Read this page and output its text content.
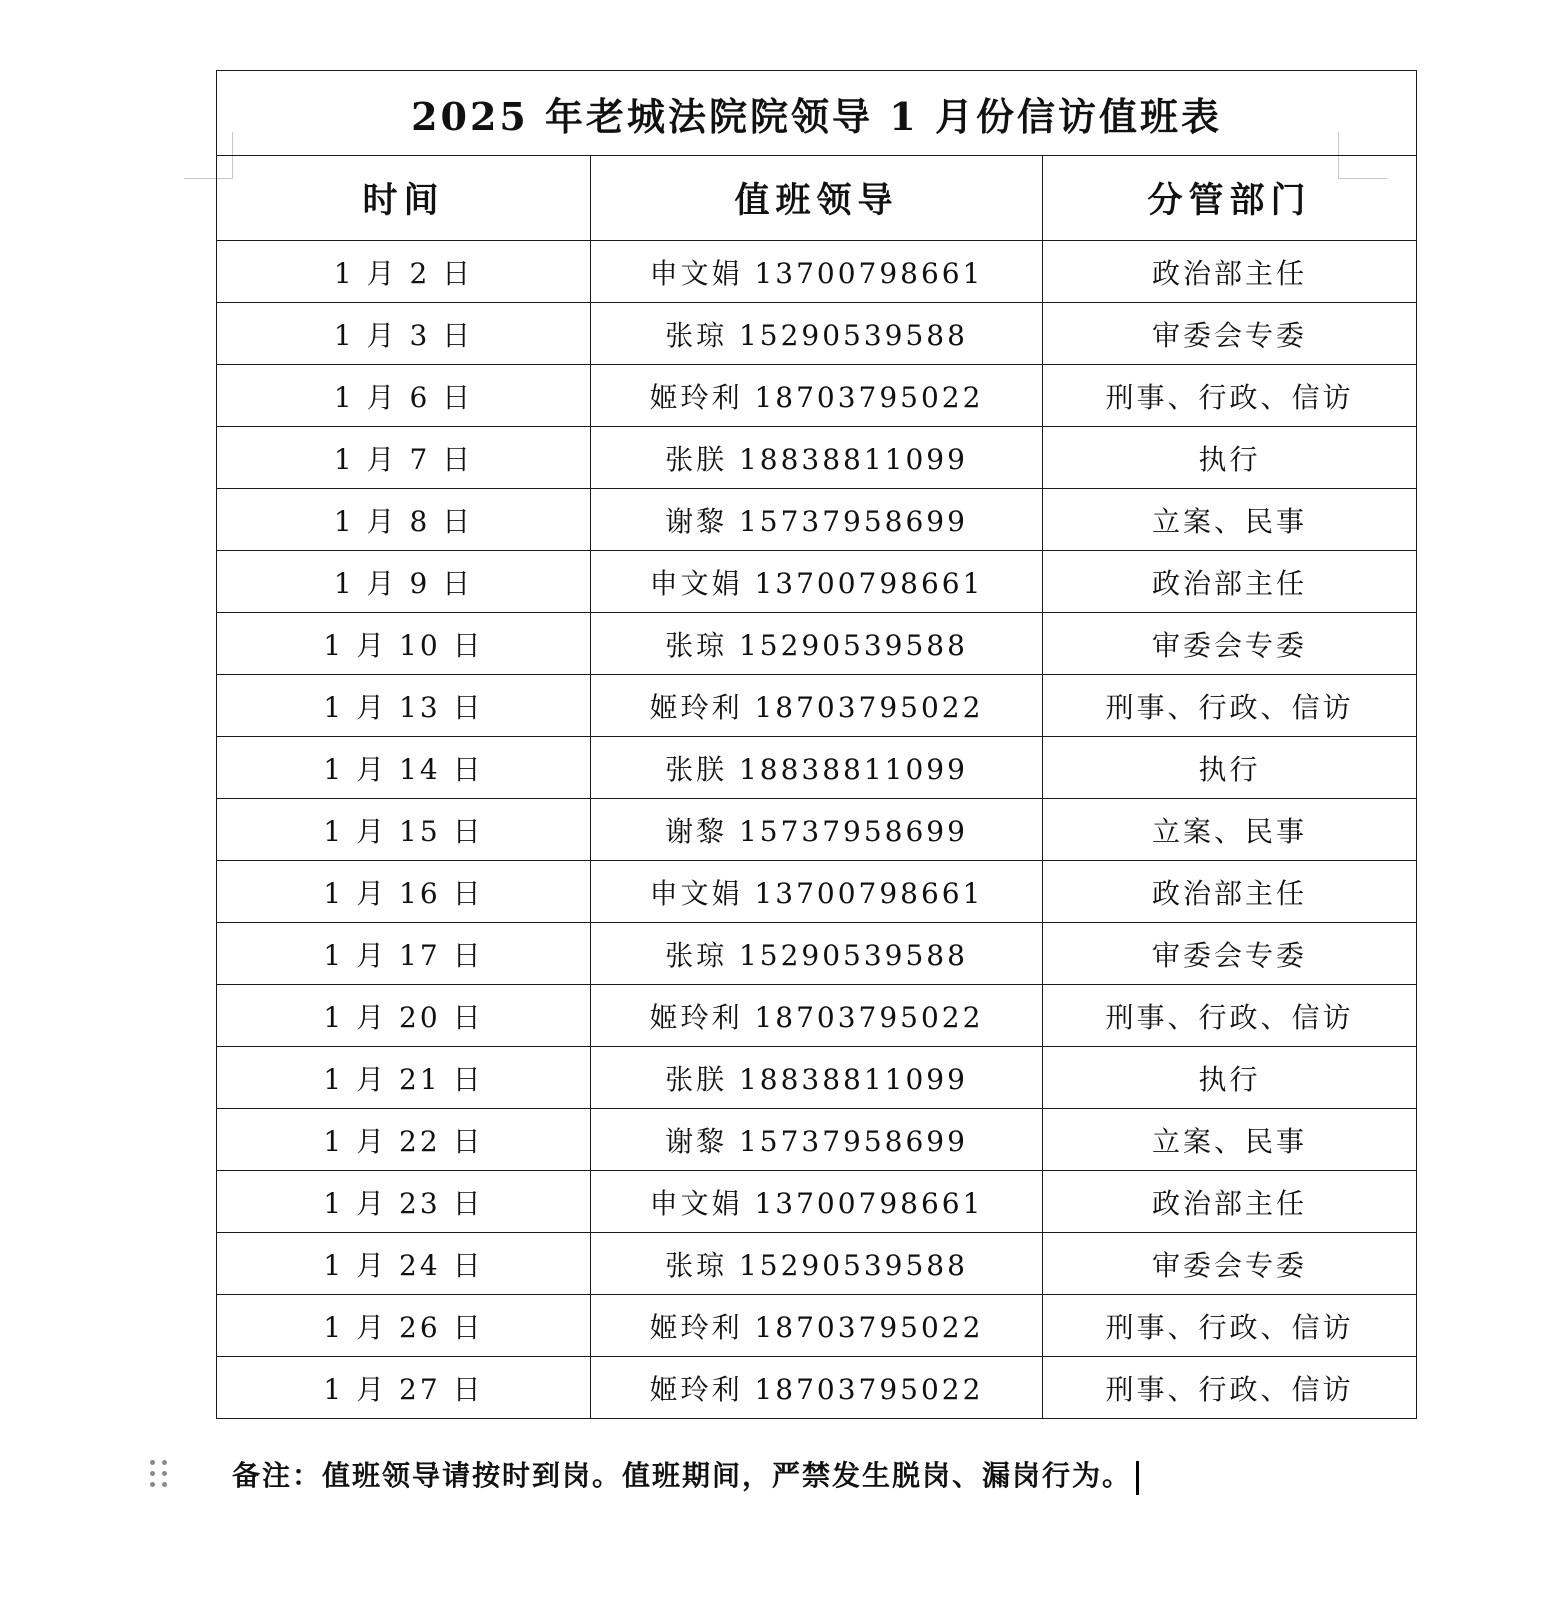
2025 年老城法院院领导 1 月份信访值班表		
时间	值班领导	分管部门
1 月 2 日	申文娟 13700798661	政治部主任
1 月 3 日	张琼 15290539588	审委会专委
1 月 6 日	姬玲利 18703795022	刑事、行政、信访
1 月 7 日	张朕 18838811099	执行
1 月 8 日	谢黎 15737958699	立案、民事
1 月 9 日	申文娟 13700798661	政治部主任
1 月 10 日	张琼 15290539588	审委会专委
1 月 13 日	姬玲利 18703795022	刑事、行政、信访
1 月 14 日	张朕 18838811099	执行
1 月 15 日	谢黎 15737958699	立案、民事
1 月 16 日	申文娟 13700798661	政治部主任
1 月 17 日	张琼 15290539588	审委会专委
1 月 20 日	姬玲利 18703795022	刑事、行政、信访
1 月 21 日	张朕 18838811099	执行
1 月 22 日	谢黎 15737958699	立案、民事
1 月 23 日	申文娟 13700798661	政治部主任
1 月 24 日	张琼 15290539588	审委会专委
1 月 26 日	姬玲利 18703795022	刑事、行政、信访
1 月 27 日	姬玲利 18703795022	刑事、行政、信访
备注：值班领导请按时到岗。值班期间，严禁发生脱岗、漏岗行为。
